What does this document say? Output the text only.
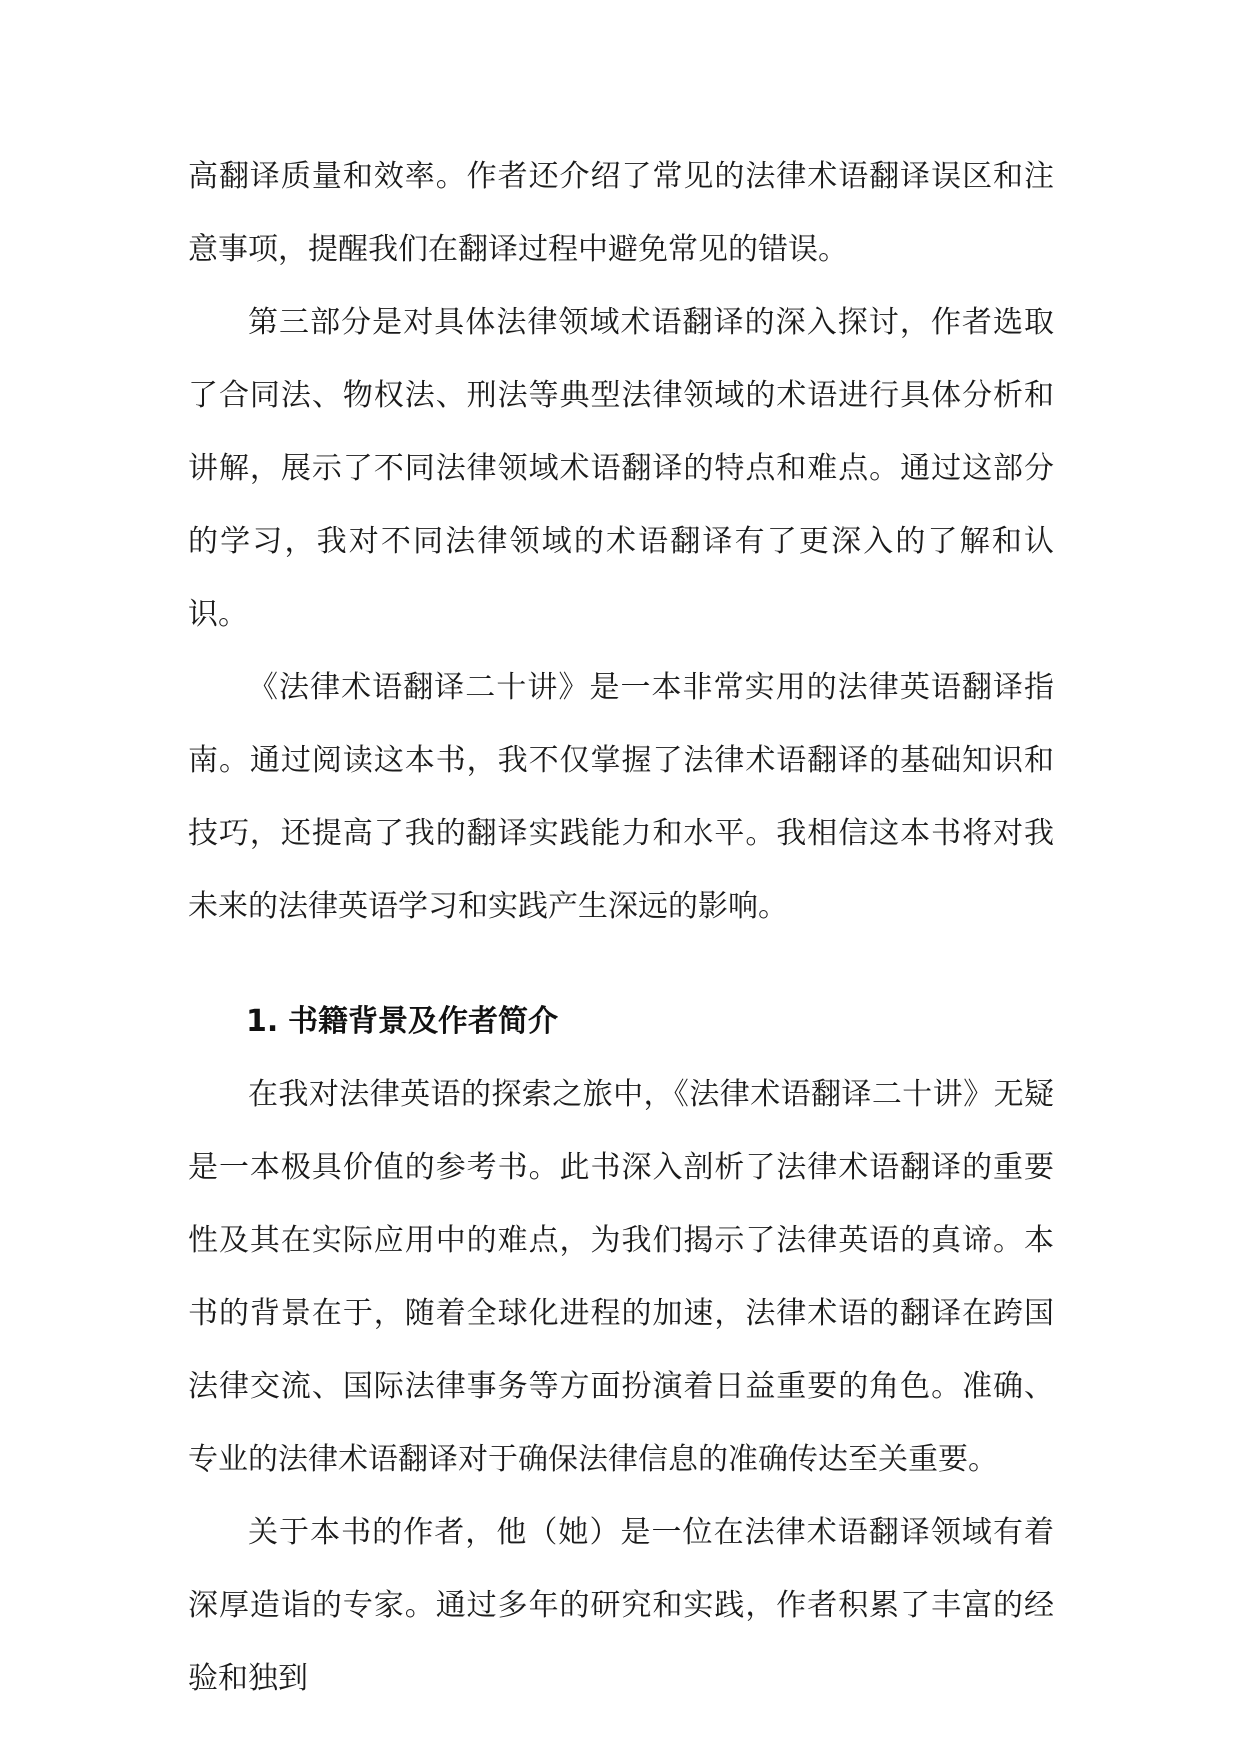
高翻译质量和效率。作者还介绍了常见的法律术语翻译误区和注意事项，提醒我们在翻译过程中避免常见的错误。

第三部分是对具体法律领域术语翻译的深入探讨，作者选取了合同法、物权法、刑法等典型法律领域的术语进行具体分析和讲解，展示了不同法律领域术语翻译的特点和难点。通过这部分的学习，我对不同法律领域的术语翻译有了更深入的了解和认识。

《法律术语翻译二十讲》是一本非常实用的法律英语翻译指南。通过阅读这本书，我不仅掌握了法律术语翻译的基础知识和技巧，还提高了我的翻译实践能力和水平。我相信这本书将对我未来的法律英语学习和实践产生深远的影响。

1. 书籍背景及作者简介

在我对法律英语的探索之旅中，《法律术语翻译二十讲》无疑是一本极具价值的参考书。此书深入剖析了法律术语翻译的重要性及其在实际应用中的难点，为我们揭示了法律英语的真谛。本书的背景在于，随着全球化进程的加速，法律术语的翻译在跨国法律交流、国际法律事务等方面扮演着日益重要的角色。准确、专业的法律术语翻译对于确保法律信息的准确传达至关重要。

关于本书的作者，他（她）是一位在法律术语翻译领域有着深厚造诣的专家。通过多年的研究和实践，作者积累了丰富的经验和独到
